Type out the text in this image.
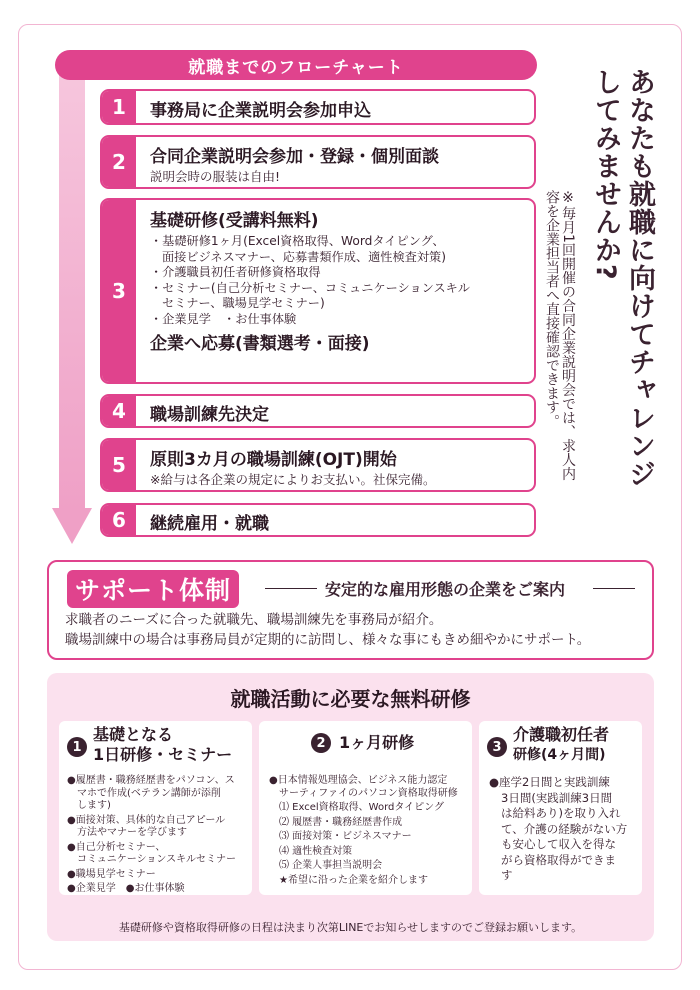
就職までのフローチャート
1	事務局に企業説明会参加申込
2	合同企業説明会参加・登録・個別面談
説明会時の服装は自由!
3
基礎研修(受講料無料)
・基礎研修1ヶ月(Excel資格取得、Wordタイピング、
面接ビジネスマナー、応募書類作成、適性検査対策)
・介護職員初任者研修資格取得
・セミナー(自己分析セミナー、コミュニケーションスキル
セミナー、職場見学セミナー)
・企業見学　・お仕事体験
企業へ応募(書類選考・面接)
4	職場訓練先決定
5	原則3カ月の職場訓練(OJT)開始
※給与は各企業の規定によりお支払い。社保完備。
6	継続雇用・就職
あなたも就職に向けてチャレンジしてみませんか?
※毎月1回開催の合同企業説明会では、求人内容を企業担当者へ直接確認できます。
サポート体制	安定的な雇用形態の企業をご案内
求職者のニーズに合った就職先、職場訓練先を事務局が紹介。
職場訓練中の場合は事務局員が定期的に訪問し、様々な事にもきめ細やかにサポート。
就職活動に必要な無料研修
1
基礎となる
1日研修・セミナー
●履歴書・職務経歴書をパソコン、ス
マホで作成(ベテラン講師が添削
します)
●面接対策、具体的な自己アピール
方法やマナーを学びます
●自己分析セミナー、
コミュニケーションスキルセミナー
●職場見学セミナー
●企業見学　●お仕事体験
2 1ヶ月研修
●日本情報処理協会、ビジネス能力認定
サーティファイのパソコン資格取得研修
⑴ Excel資格取得、Wordタイピング
⑵ 履歴書・職務経歴書作成
⑶ 面接対策・ビジネスマナー
⑷ 適性検査対策
⑸ 企業人事担当説明会
★希望に沿った企業を紹介します
3
介護職初任者
研修(4ヶ月間)
●座学2日間と実践訓練
3日間(実践訓練3日間
は給料あり)を取り入れ
て、介護の経験がない方
も安心して収入を得な
がら資格取得ができま
す
基礎研修や資格取得研修の日程は決まり次第LINEでお知らせしますのでご登録お願いします。
